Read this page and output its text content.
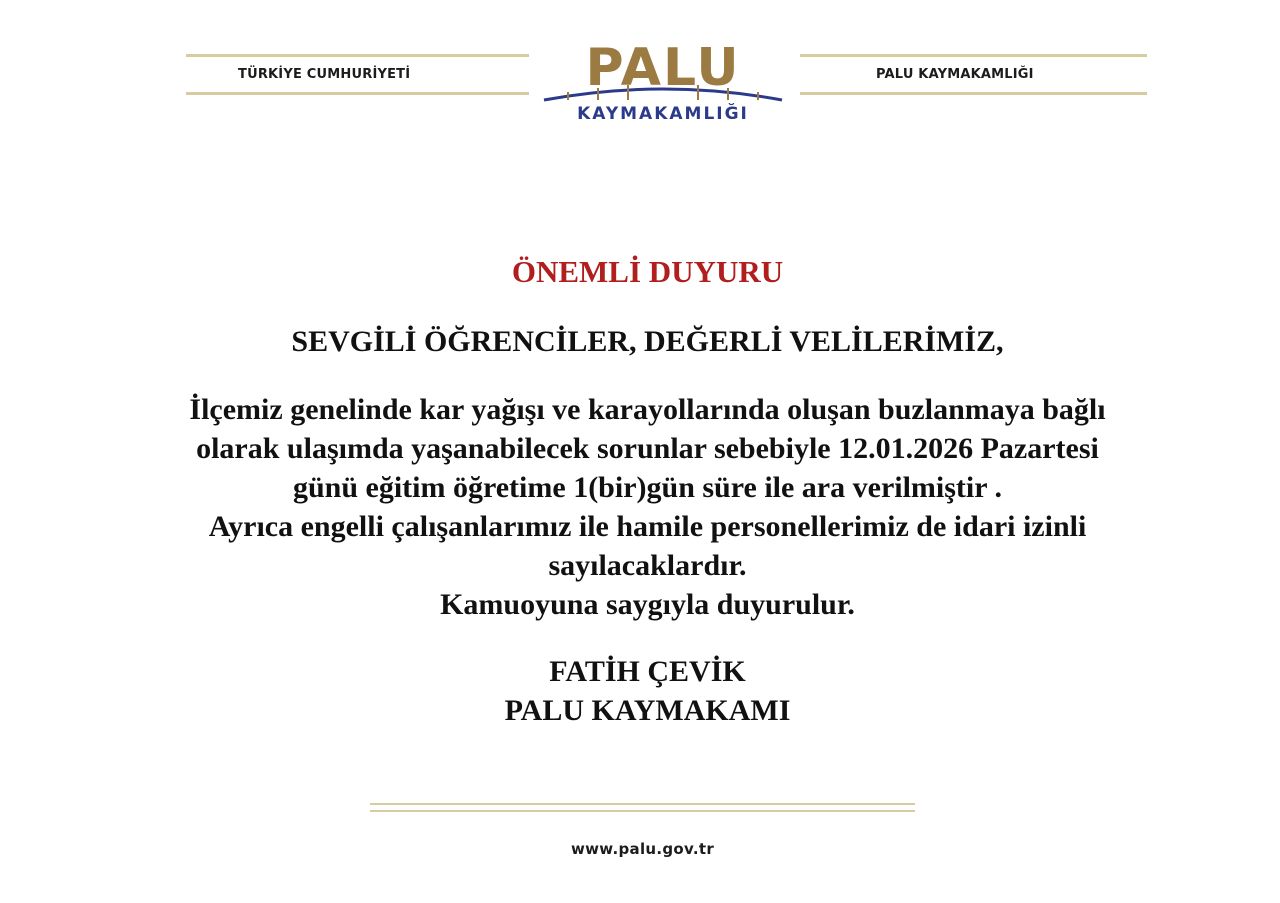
TÜRKİYE CUMHURİYETİ	PALU
KAYMAKAMLIĞI
PALU KAYMAKAMLIĞI
ÖNEMLİ DUYURU

SEVGİLİ ÖĞRENCİLER, DEĞERLİ VELİLERİMİZ,

İlçemiz genelinde kar yağışı ve karayollarında oluşan buzlanmaya bağlı
olarak ulaşımda yaşanabilecek sorunlar sebebiyle 12.01.2026 Pazartesi
günü eğitim öğretime 1(bir)gün süre ile ara verilmiştir .
Ayrıca engelli çalışanlarımız ile hamile personellerimiz de idari izinli
sayılacaklardır.
Kamuoyuna saygıyla duyurulur.

FATİH ÇEVİK
PALU KAYMAKAMI

www.palu.gov.tr
